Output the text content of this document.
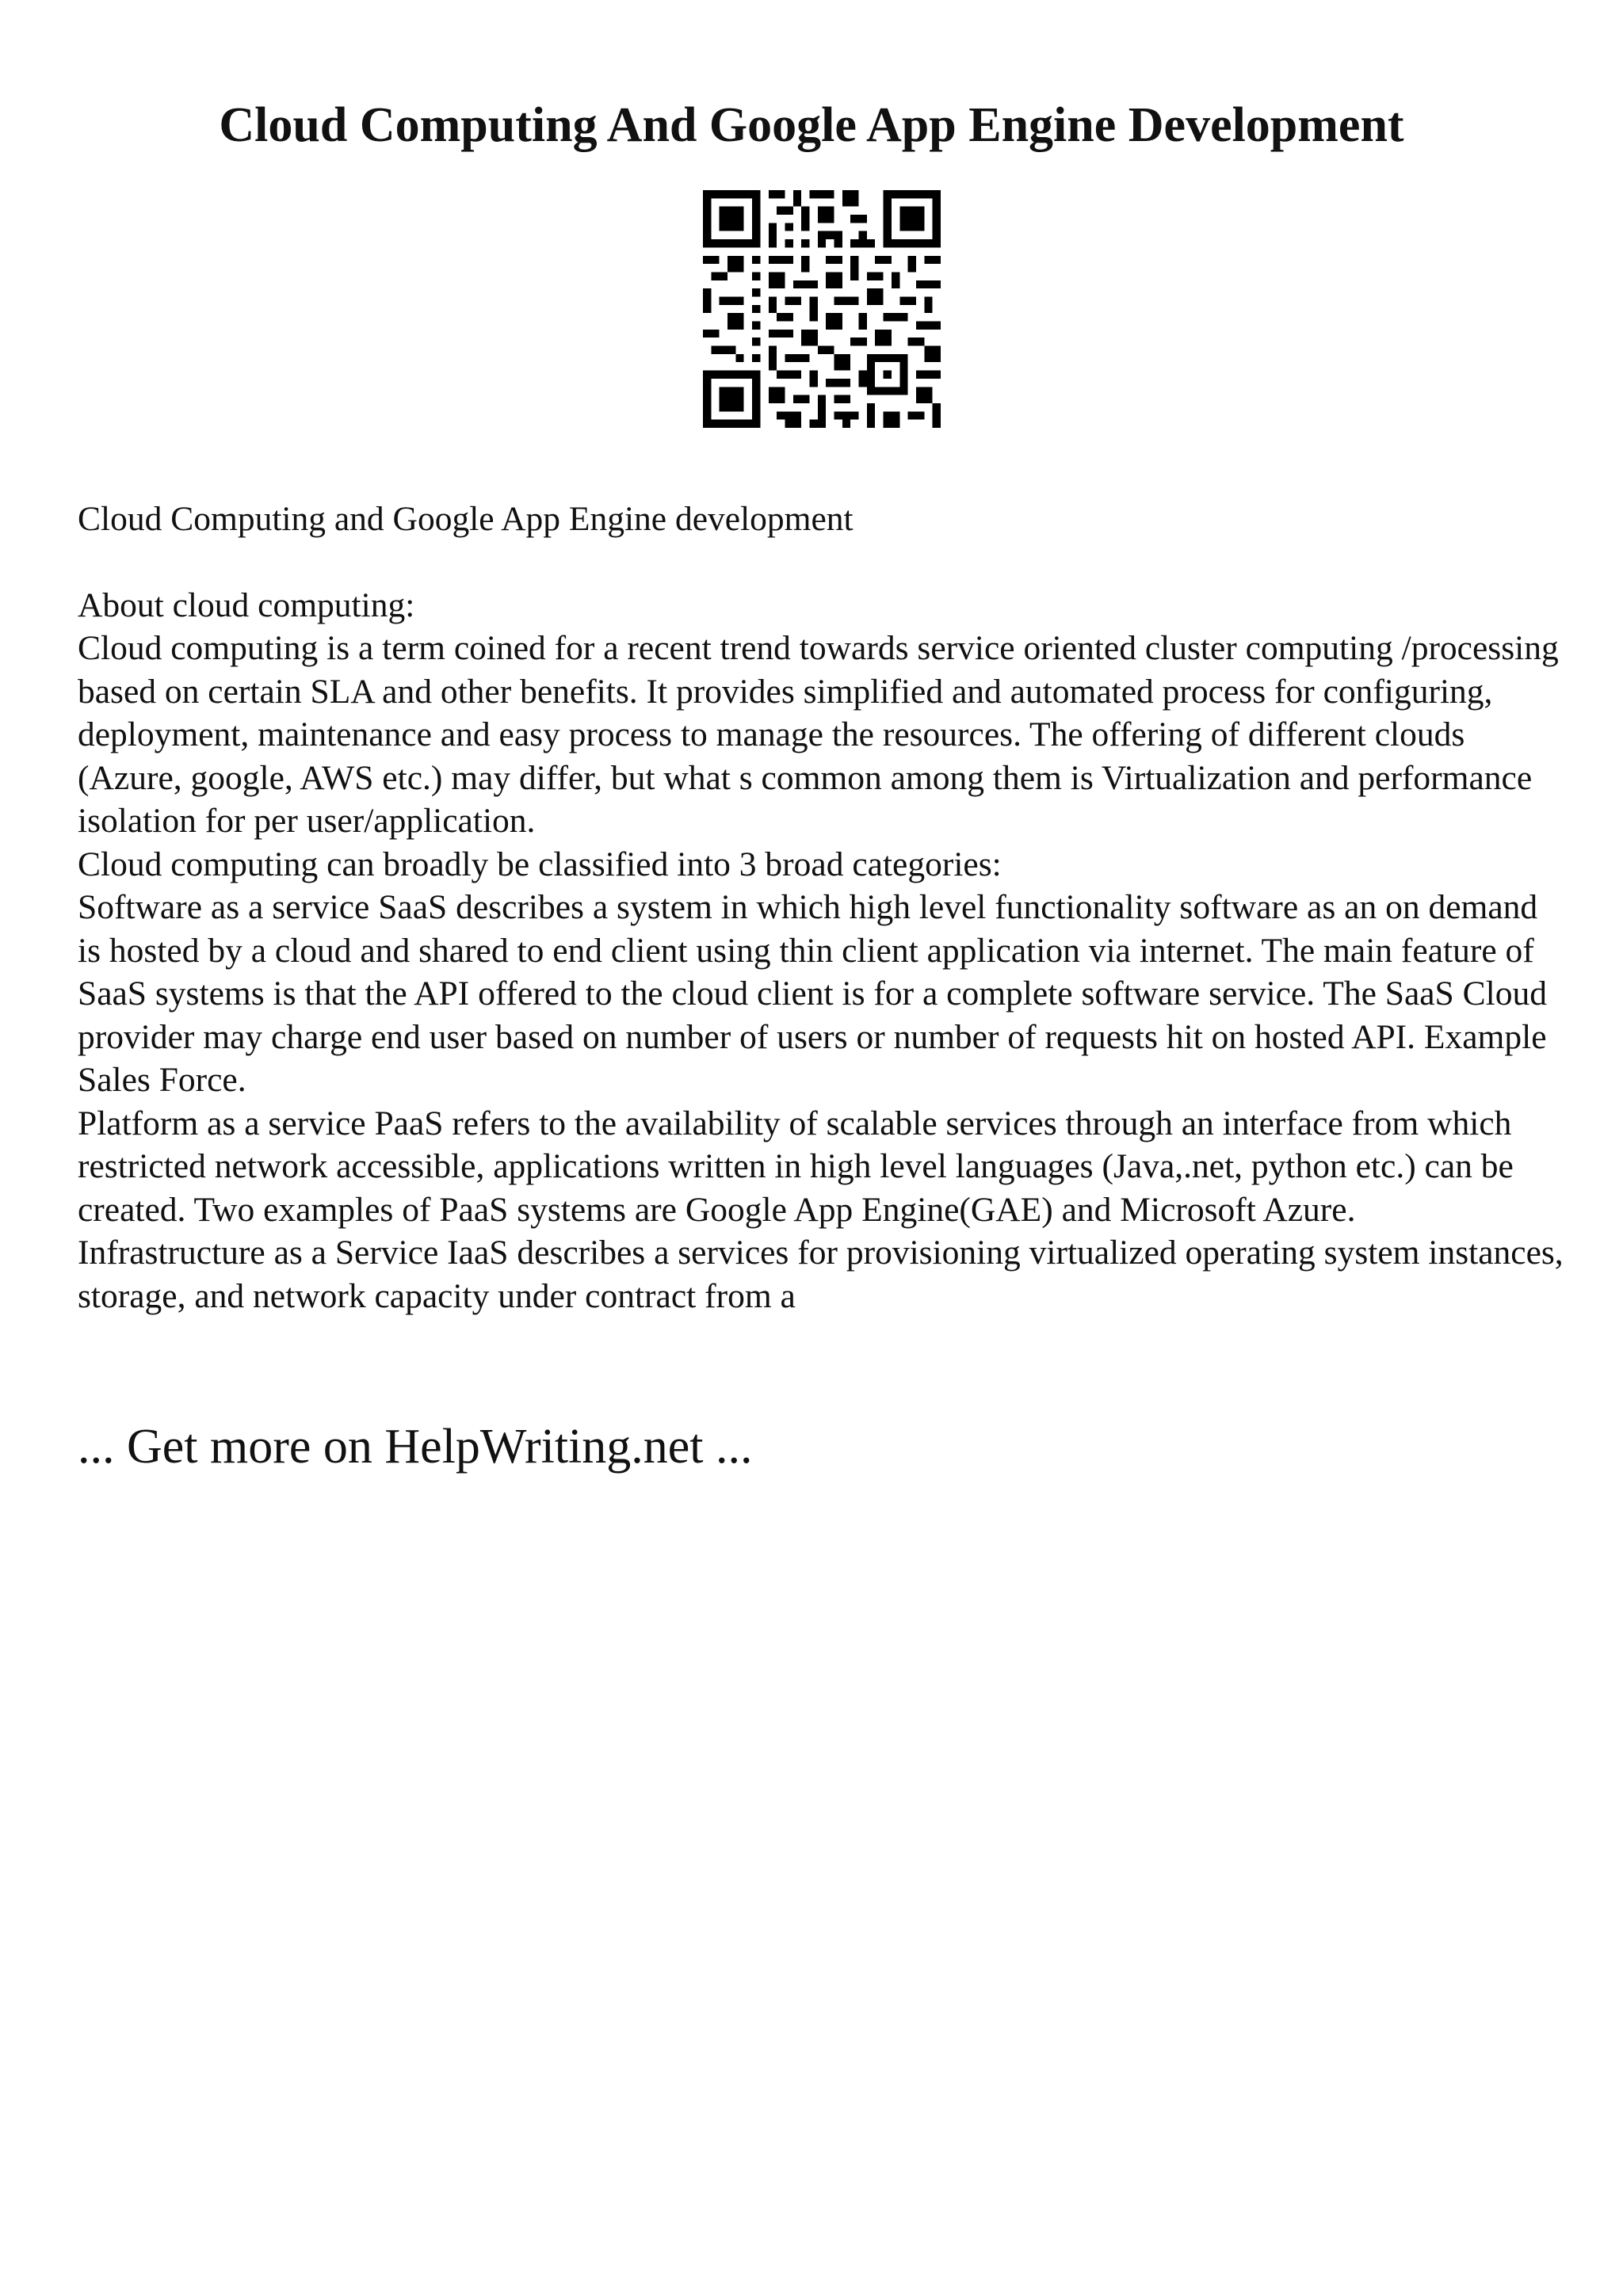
Cloud Computing And Google App Engine Development

Cloud Computing and Google App Engine development

About cloud computing:

Cloud computing is a term coined for a recent trend towards service oriented cluster computing /processing based on certain SLA and other benefits. It provides simplified and automated process for configuring, deployment, maintenance and easy process to manage the resources. The offering of different clouds (Azure, google, AWS etc.) may differ, but what s common among them is Virtualization and performance isolation for per user/application.

Cloud computing can broadly be classified into 3 broad categories:

Software as a service SaaS describes a system in which high level functionality software as an on demand is hosted by a cloud and shared to end client using thin client application via internet. The main feature of SaaS systems is that the API offered to the cloud client is for a complete software service. The SaaS Cloud provider may charge end user based on number of users or number of requests hit on hosted API. Example Sales Force.

Platform as a service PaaS refers to the availability of scalable services through an interface from which restricted network accessible, applications written in high level languages (Java,.net, python etc.) can be created. Two examples of PaaS systems are Google App Engine(GAE) and Microsoft Azure.

Infrastructure as a Service IaaS describes a services for provisioning virtualized operating system instances, storage, and network capacity under contract from a

... Get more on HelpWriting.net ...
